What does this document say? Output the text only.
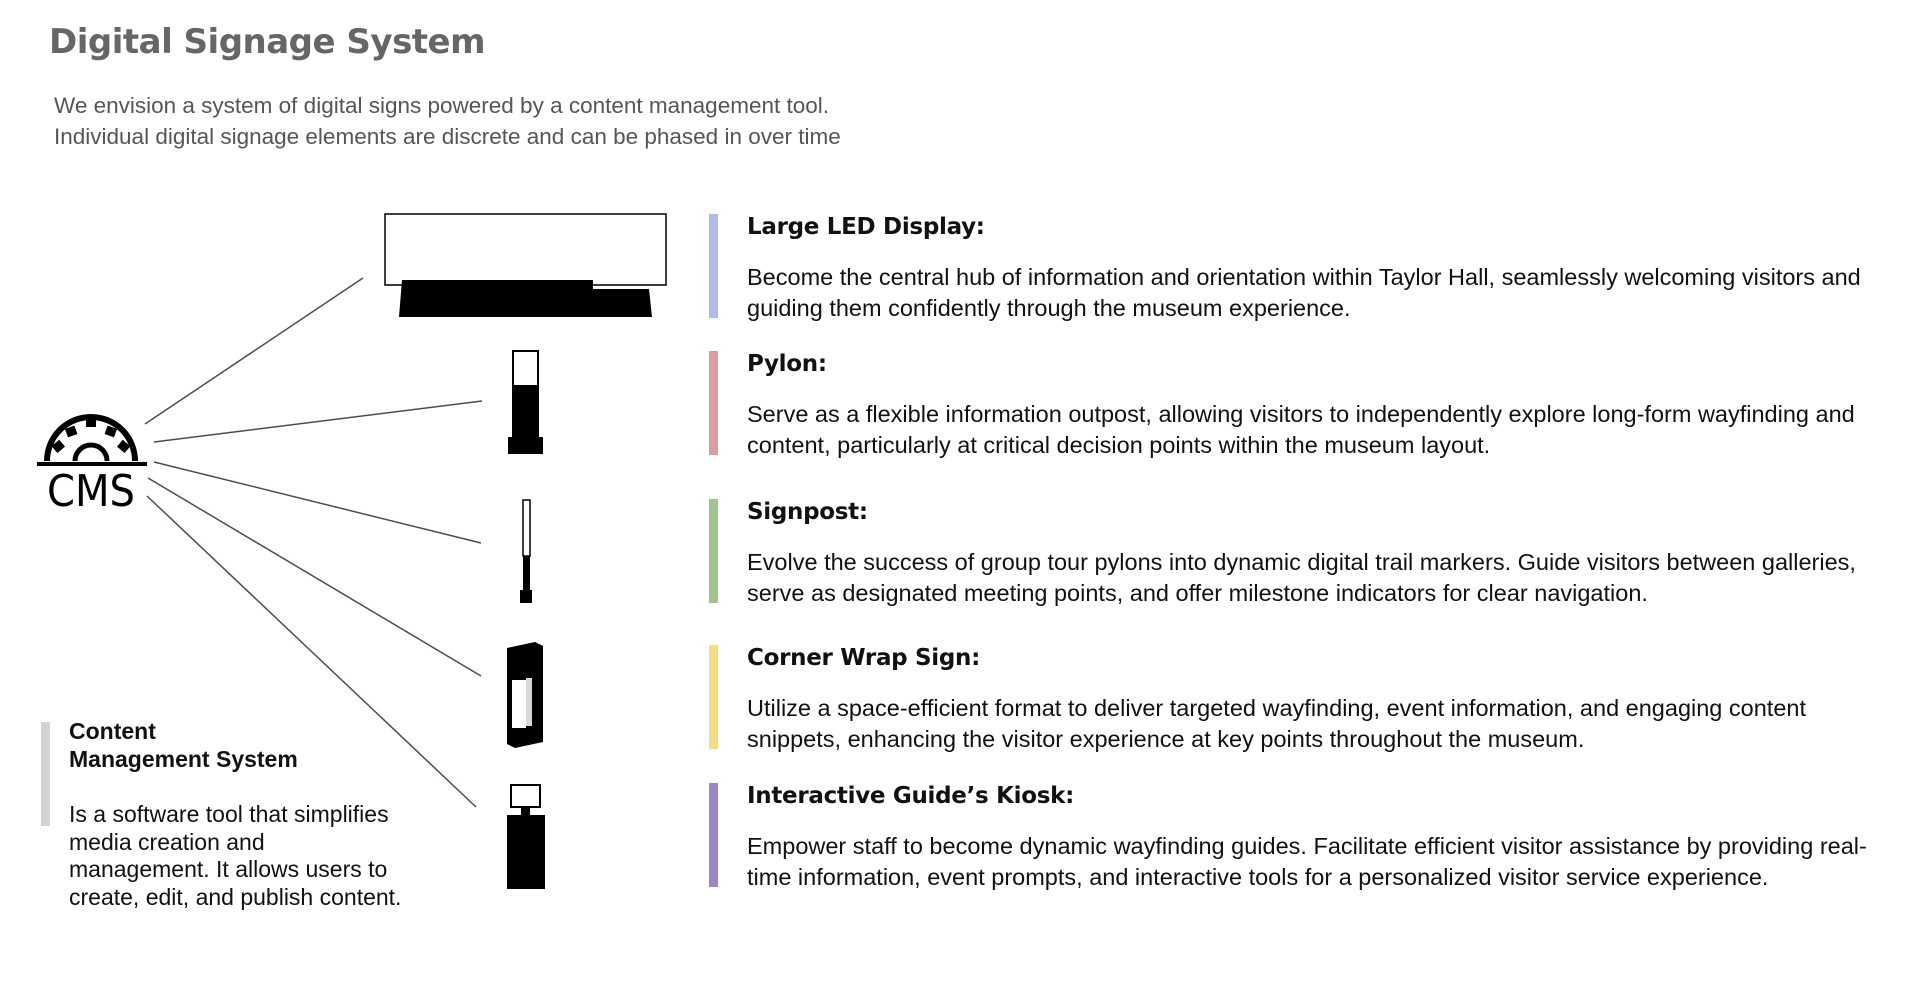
Digital Signage System
We envision a system of digital signs powered by a content management tool.
Individual digital signage elements are discrete and can be phased in over time
CMS
Content
Management System
Is a software tool that simplifies media creation and management. It allows users to create, edit, and publish content.
Large LED Display:
Become the central hub of information and orientation within Taylor Hall, seamlessly welcoming visitors and guiding them confidently through the museum experience.
Pylon:
Serve as a flexible information outpost, allowing visitors to independently explore long-form wayfinding and content, particularly at critical decision points within the museum layout.
Signpost:
Evolve the success of group tour pylons into dynamic digital trail markers. Guide visitors between galleries, serve as designated meeting points, and offer milestone indicators for clear navigation.
Corner Wrap Sign:
Utilize a space-efficient format to deliver targeted wayfinding, event information, and engaging content snippets, enhancing the visitor experience at key points throughout the museum.
Interactive Guide’s Kiosk:
Empower staff to become dynamic wayfinding guides. Facilitate efficient visitor assistance by providing real-time information, event prompts, and interactive tools for a personalized visitor service experience.
